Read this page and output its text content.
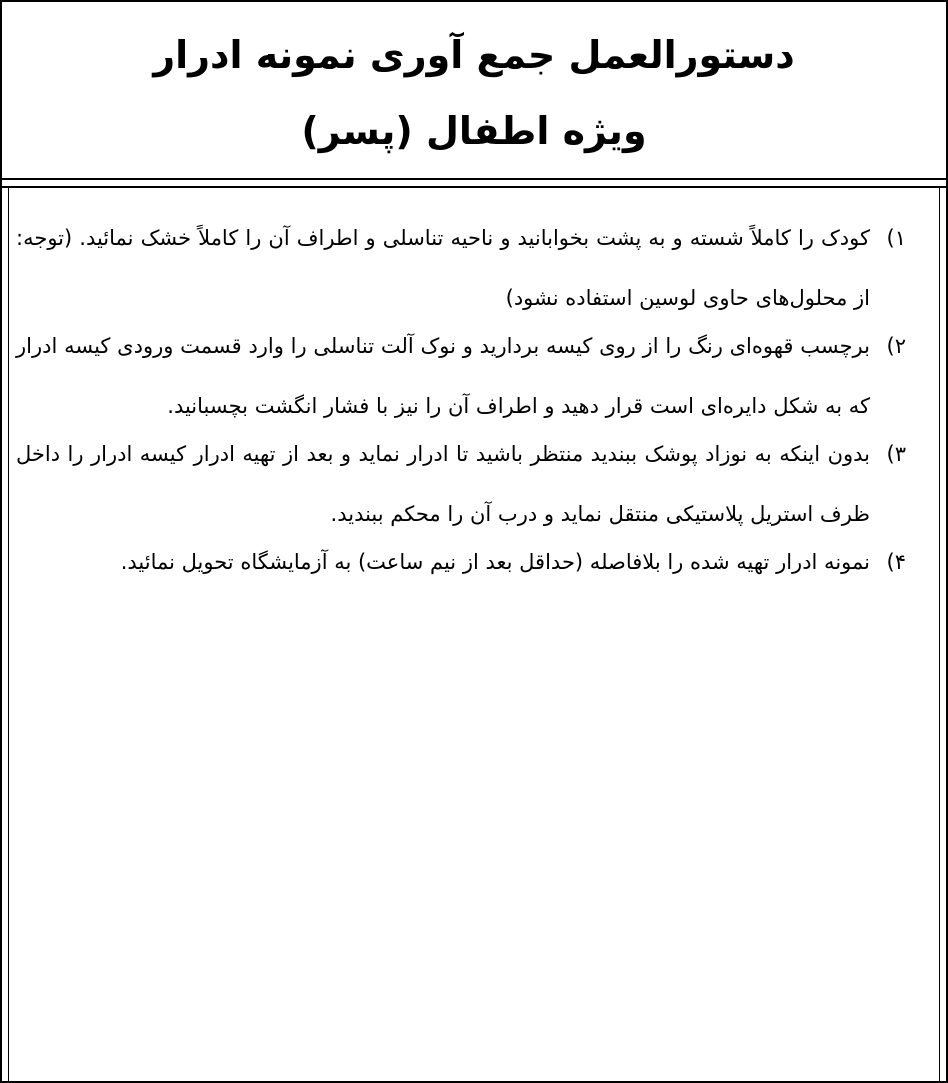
دستورالعمل جمع آوری نمونه ادرار
ویژه اطفال (پسر)
۱)
کودک را کاملاً شسته و به پشت بخوابانید و ناحیه تناسلی و اطراف آن را کاملاً خشک نمائید. (توجه: از محلول‌های حاوی لوسین استفاده نشود)
۲)
برچسب قهوه‌ای رنگ را از روی کیسه بردارید و نوک آلت تناسلی را وارد قسمت ورودی کیسه ادرار که به شکل دایره‌ای است قرار دهید و اطراف آن را نیز با فشار انگشت بچسبانید.
۳)
بدون اینکه به نوزاد پوشک ببندید منتظر باشید تا ادرار نماید و بعد از تهیه ادرار کیسه ادرار را داخل ظرف استریل پلاستیکی منتقل نماید و درب آن را محکم ببندید.
۴)
نمونه ادرار تهیه شده را بلافاصله (حداقل بعد از نیم ساعت) به آزمایشگاه تحویل نمائید.
